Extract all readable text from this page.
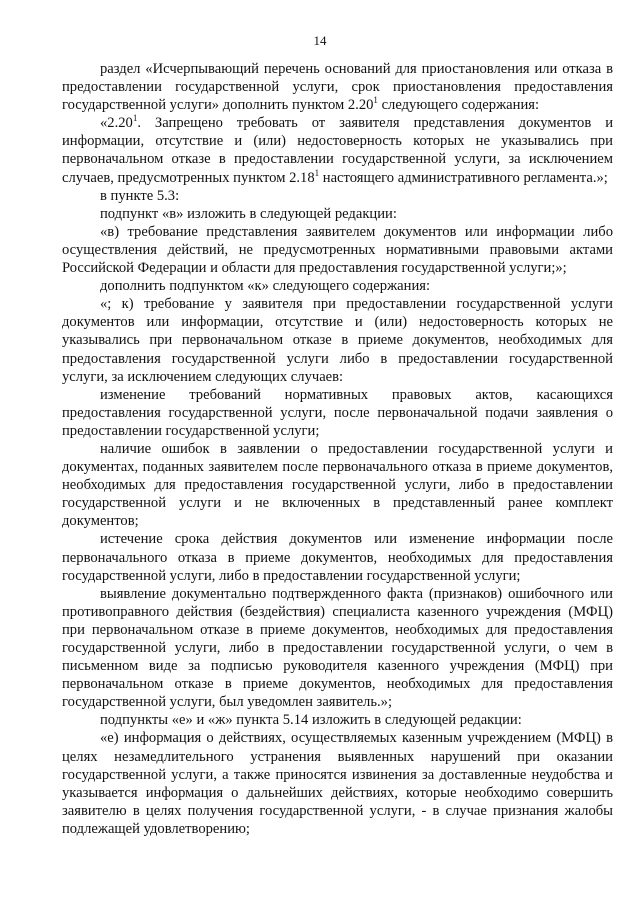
14

раздел «Исчерпывающий перечень оснований для приостановления или отказа в предоставлении государственной услуги, срок приостановления предоставления государственной услуги» дополнить пунктом 2.20$^1$ следующего содержания:

«2.20$^1$. Запрещено требовать от заявителя представления документов и информации, отсутствие и (или) недостоверность которых не указывались при первоначальном отказе в предоставлении государственной услуги, за исключением случаев, предусмотренных пунктом 2.18$^1$ настоящего административного регламента.»;

в пункте 5.3:

подпункт «в» изложить в следующей редакции:

«в) требование представления заявителем документов или информации либо осуществления действий, не предусмотренных нормативными правовыми актами Российской Федерации и области для предоставления государственной услуги;»;

дополнить подпунктом «к» следующего содержания:

«; к) требование у заявителя при предоставлении государственной услуги документов или информации, отсутствие и (или) недостоверность которых не указывались при первоначальном отказе в приеме документов, необходимых для предоставления государственной услуги либо в предоставлении государственной услуги, за исключением следующих случаев:

изменение требований нормативных правовых актов, касающихся предоставления государственной услуги, после первоначальной подачи заявления о предоставлении государственной услуги;

наличие ошибок в заявлении о предоставлении государственной услуги и документах, поданных заявителем после первоначального отказа в приеме документов, необходимых для предоставления государственной услуги, либо в предоставлении государственной услуги и не включенных в представленный ранее комплект документов;

истечение срока действия документов или изменение информации после первоначального отказа в приеме документов, необходимых для предоставления государственной услуги, либо в предоставлении государственной услуги;

выявление документально подтвержденного факта (признаков) ошибочного или противоправного действия (бездействия) специалиста казенного учреждения (МФЦ) при первоначальном отказе в приеме документов, необходимых для предоставления государственной услуги, либо в предоставлении государственной услуги, о чем в письменном виде за подписью руководителя казенного учреждения (МФЦ) при первоначальном отказе в приеме документов, необходимых для предоставления государственной услуги, был уведомлен заявитель.»;

подпункты «е» и «ж» пункта 5.14 изложить в следующей редакции:

«е) информация о действиях, осуществляемых казенным учреждением (МФЦ) в целях незамедлительного устранения выявленных нарушений при оказании государственной услуги, а также приносятся извинения за доставленные неудобства и указывается информация о дальнейших действиях, которые необходимо совершить заявителю в целях получения государственной услуги, - в случае признания жалобы подлежащей удовлетворению;
